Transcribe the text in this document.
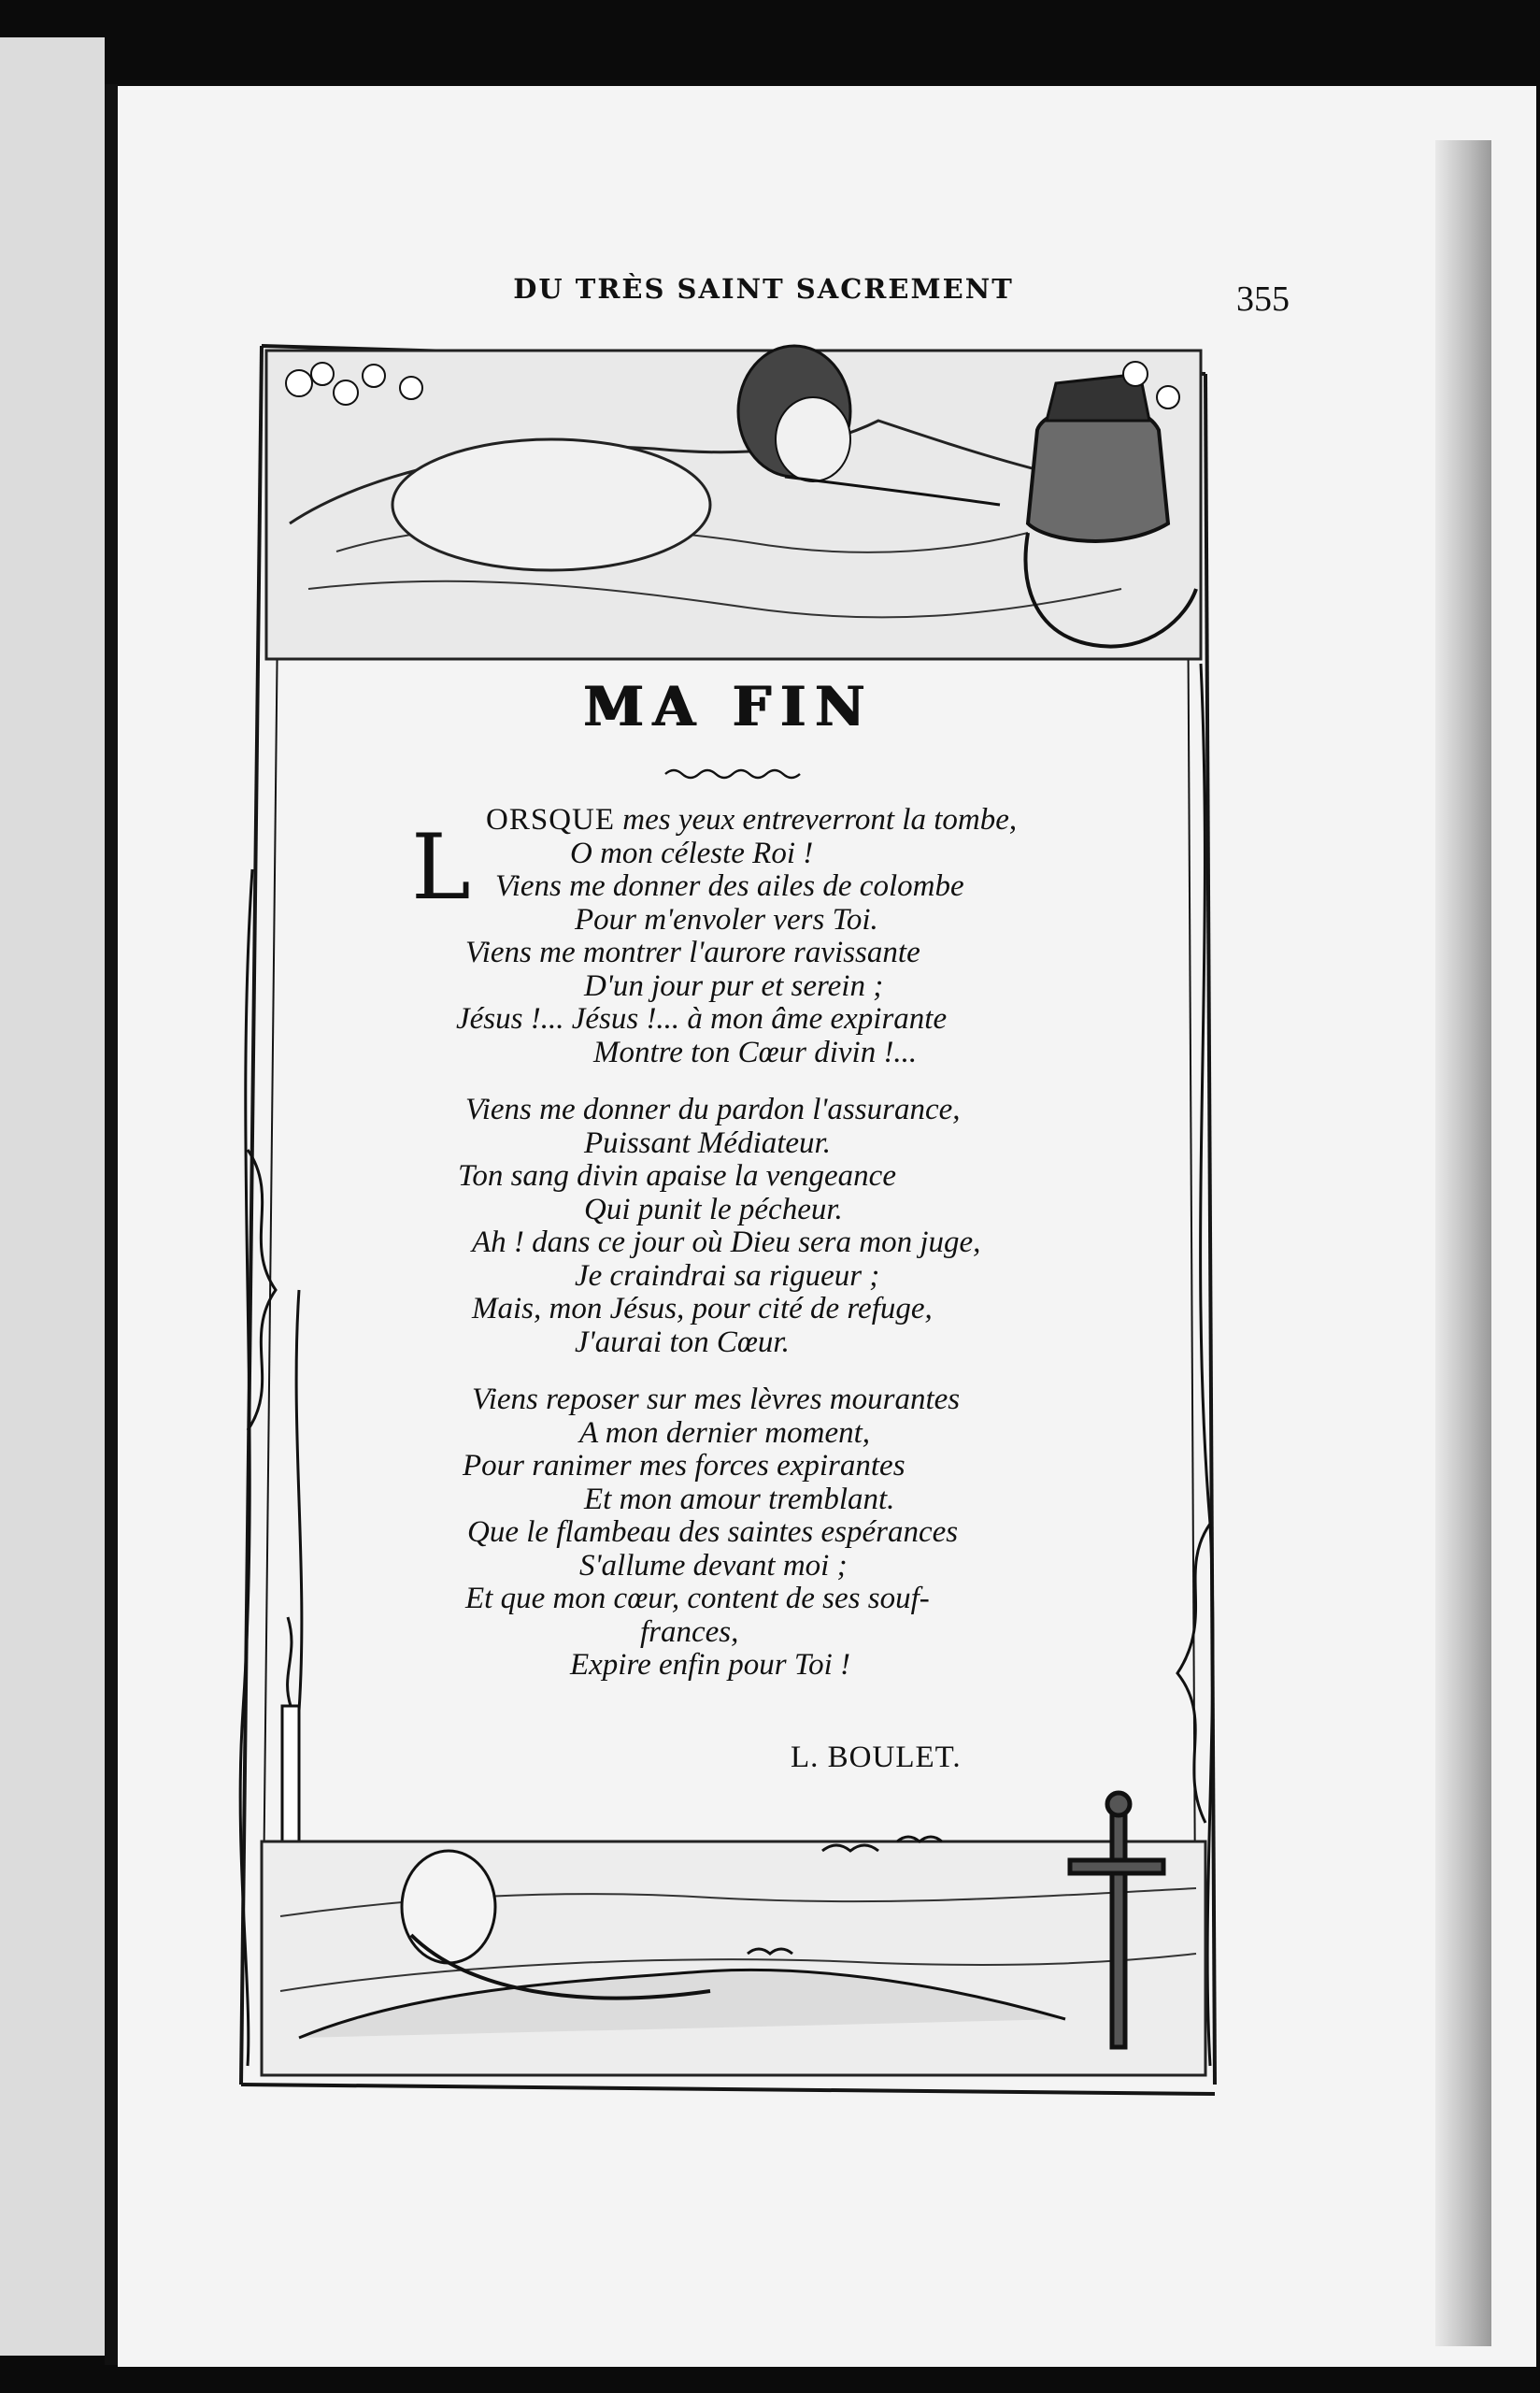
DU TRÈS SAINT SACREMENT	355
MA FIN
L ORSQUE mes yeux entreverront la tombe,
O mon céleste Roi !
Viens me donner des ailes de colombe
Pour m'envoler vers Toi.
Viens me montrer l'aurore ravissante
D'un jour pur et serein ;
Jésus !... Jésus !... à mon âme expirante
Montre ton Cœur divin !...
Viens me donner du pardon l'assurance,
Puissant Médiateur.
Ton sang divin apaise la vengeance
Qui punit le pécheur.
Ah ! dans ce jour où Dieu sera mon juge,
Je craindrai sa rigueur ;
Mais, mon Jésus, pour cité de refuge,
J'aurai ton Cœur.
Viens reposer sur mes lèvres mourantes
A mon dernier moment,
Pour ranimer mes forces expirantes
Et mon amour tremblant.
Que le flambeau des saintes espérances
S'allume devant moi ;
Et que mon cœur, content de ses souf-
frances,
Expire enfin pour Toi !
L. BOULET.
